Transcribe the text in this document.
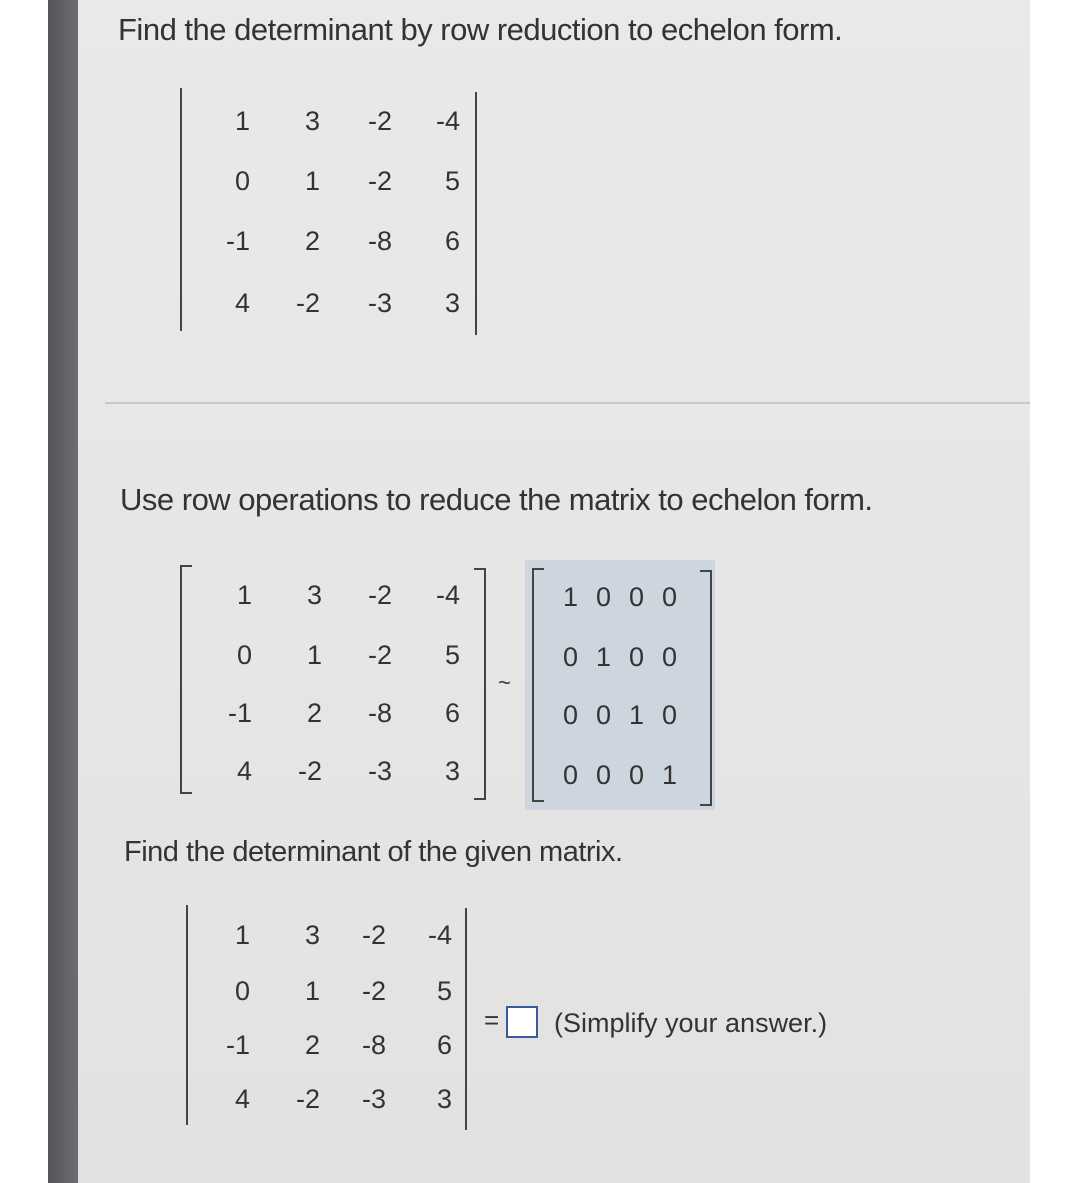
Find the determinant by row reduction to echelon form.
1	3	-2	-4
0	1	-2	5
-1	2	-8	6
4	-2	-3	3
Use row operations to reduce the matrix to echelon form.
1	3	-2	-4
0	1	-2	5
-1	2	-8	6
4	-2	-3	3
~
1 0 0 0
0 1 0 0
0 0 1 0
0 0 0 1
Find the determinant of the given matrix.
1	3	-2	-4
0	1	-2	5
-1	2	-8	6
4	-2	-3	3
= (Simplify your answer.)
